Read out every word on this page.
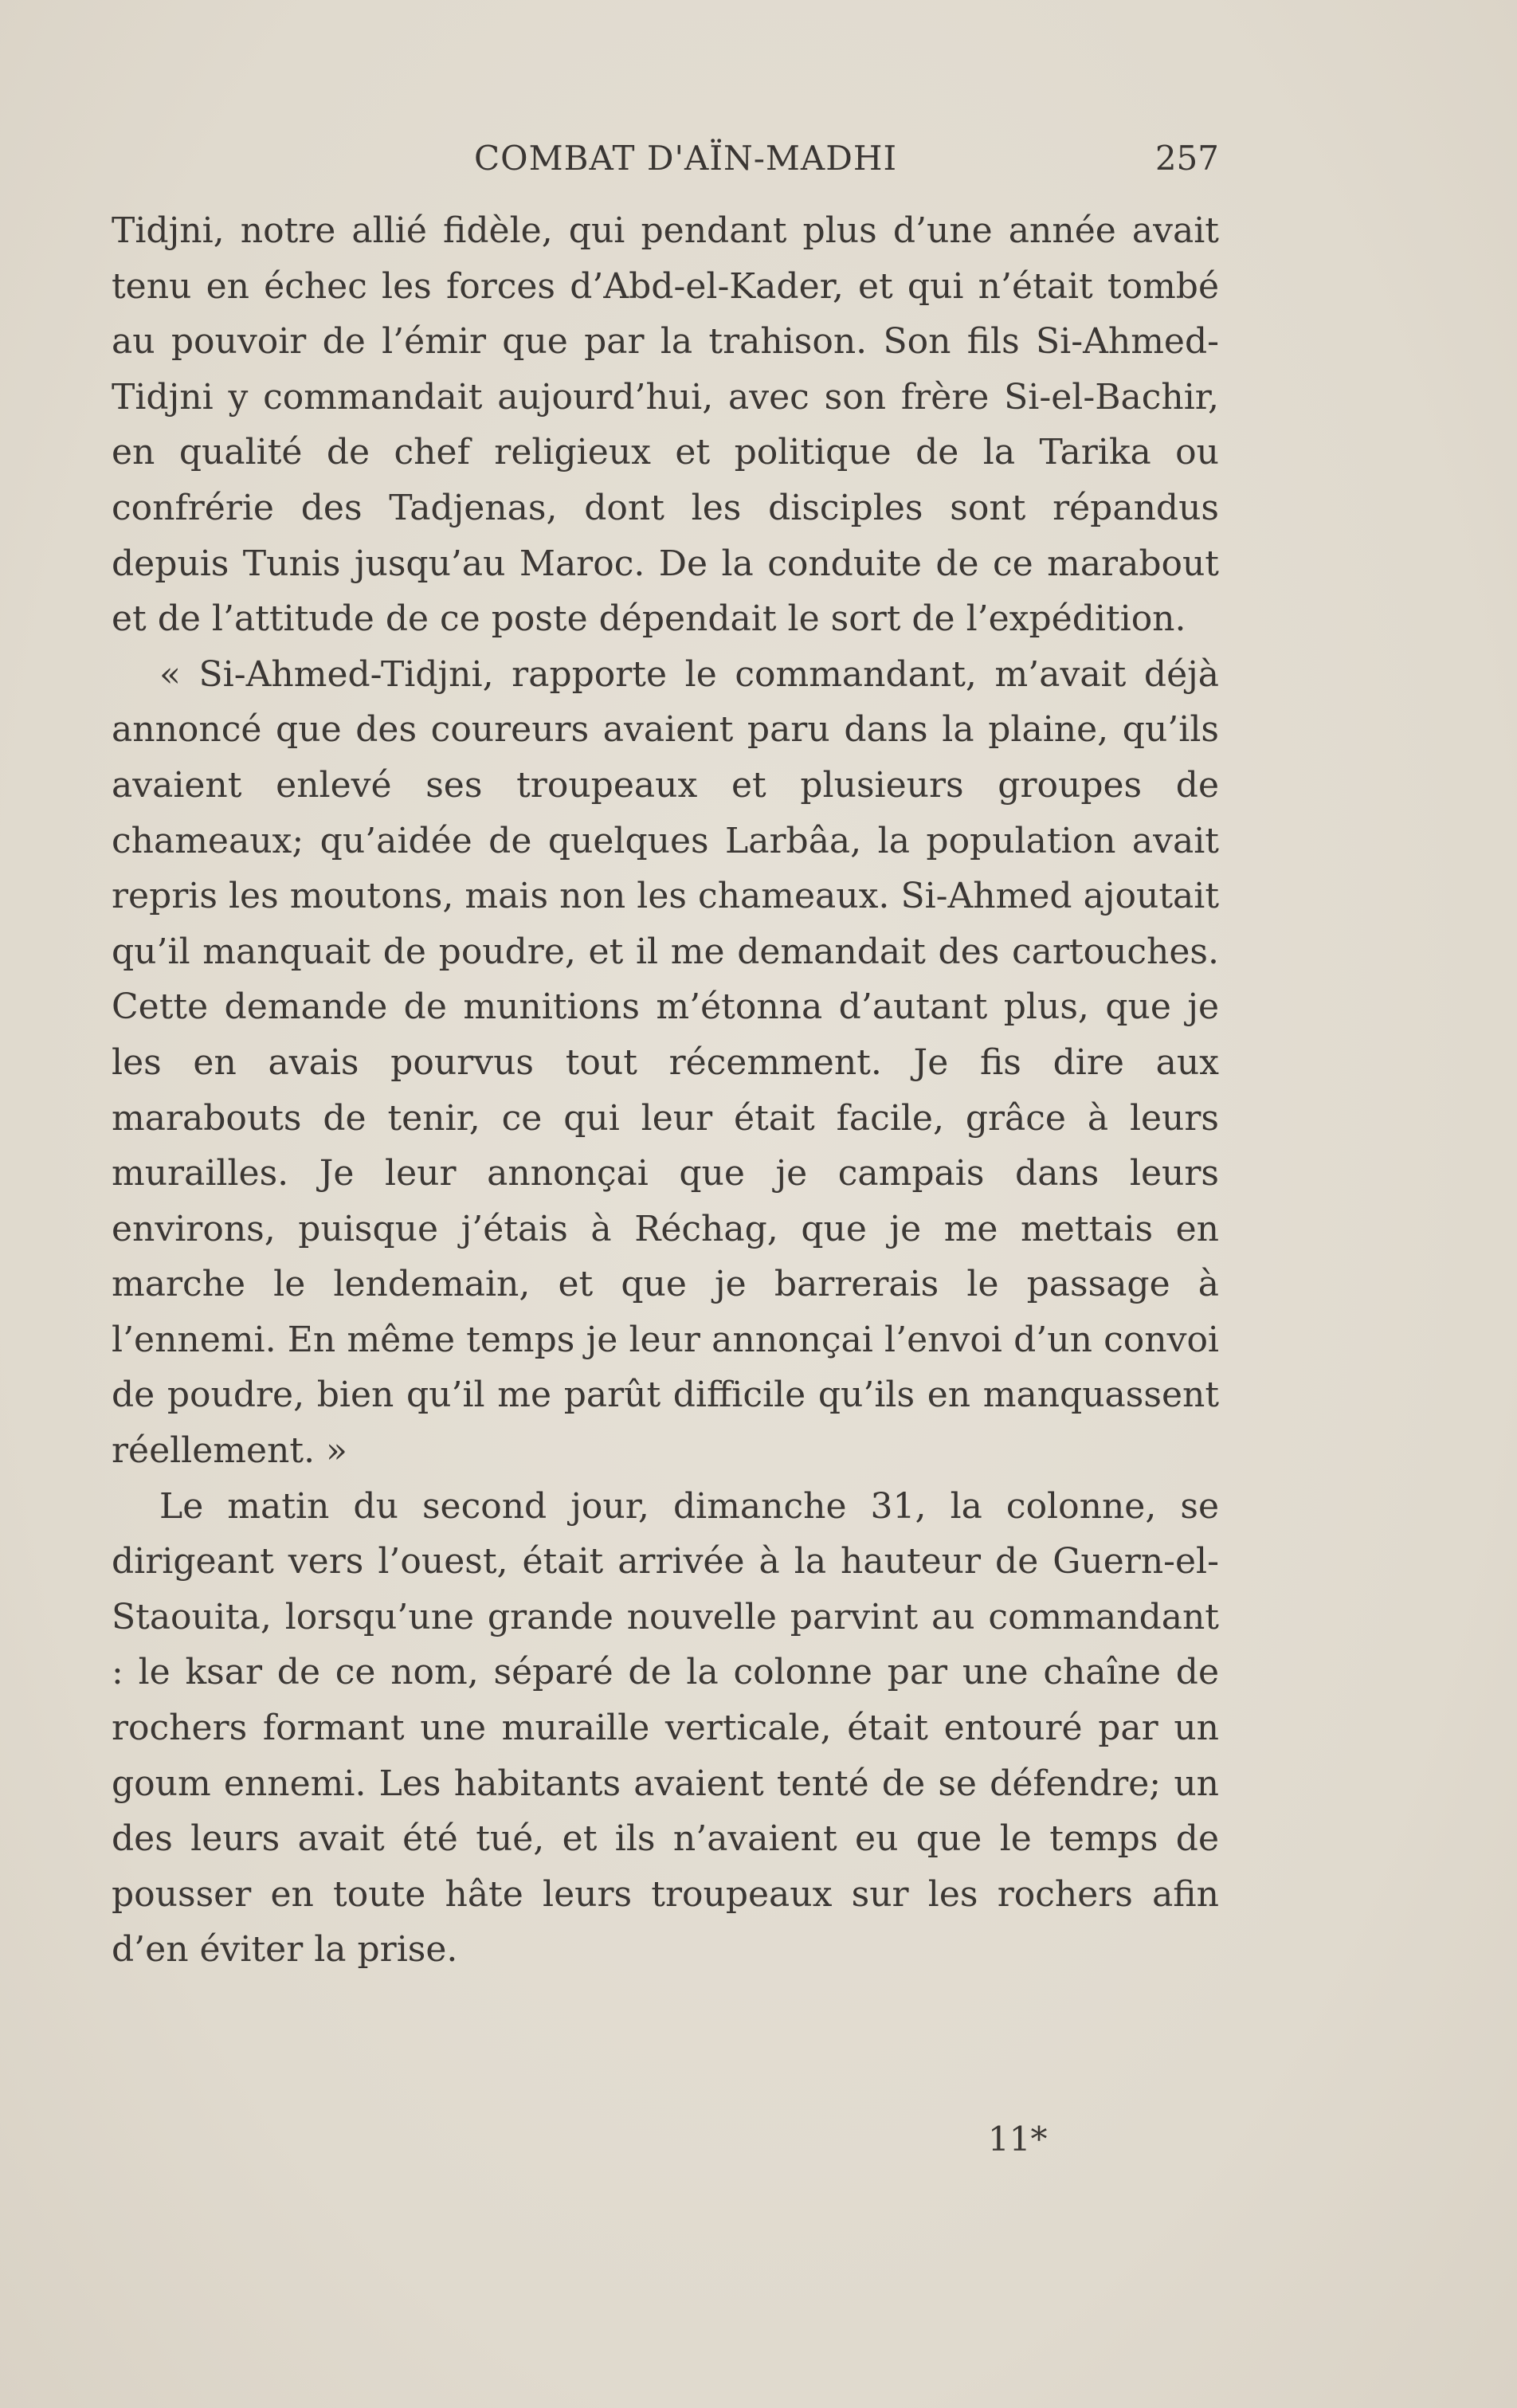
COMBAT D'AÏN-MADHI	257

Tidjni, notre allié fidèle, qui pendant plus d’une année avait tenu en échec les forces d’Abd-el-Kader, et qui n’était tombé au pouvoir de l’émir que par la trahison. Son fils Si-Ahmed-Tidjni y commandait aujourd’hui, avec son frère Si-el-Bachir, en qualité de chef religieux et politique de la Tarika ou confrérie des Tadjenas, dont les disciples sont répandus depuis Tunis jusqu’au Maroc. De la conduite de ce marabout et de l’attitude de ce poste dépendait le sort de l’expédition.

« Si-Ahmed-Tidjni, rapporte le commandant, m’avait déjà annoncé que des coureurs avaient paru dans la plaine, qu’ils avaient enlevé ses troupeaux et plusieurs groupes de chameaux; qu’aidée de quelques Larbâa, la population avait repris les moutons, mais non les chameaux. Si-Ahmed ajoutait qu’il manquait de poudre, et il me demandait des cartouches. Cette demande de munitions m’étonna d’autant plus, que je les en avais pourvus tout récemment. Je fis dire aux marabouts de tenir, ce qui leur était facile, grâce à leurs murailles. Je leur annonçai que je campais dans leurs environs, puisque j’étais à Réchag, que je me mettais en marche le lendemain, et que je barrerais le passage à l’ennemi. En même temps je leur annonçai l’envoi d’un convoi de poudre, bien qu’il me parût difficile qu’ils en manquassent réellement. »

Le matin du second jour, dimanche 31, la colonne, se dirigeant vers l’ouest, était arrivée à la hauteur de Guern-el-Staouita, lorsqu’une grande nouvelle parvint au commandant : le ksar de ce nom, séparé de la colonne par une chaîne de rochers formant une muraille verticale, était entouré par un goum ennemi. Les habitants avaient tenté de se défendre; un des leurs avait été tué, et ils n’avaient eu que le temps de pousser en toute hâte leurs troupeaux sur les rochers afin d’en éviter la prise.

11*
